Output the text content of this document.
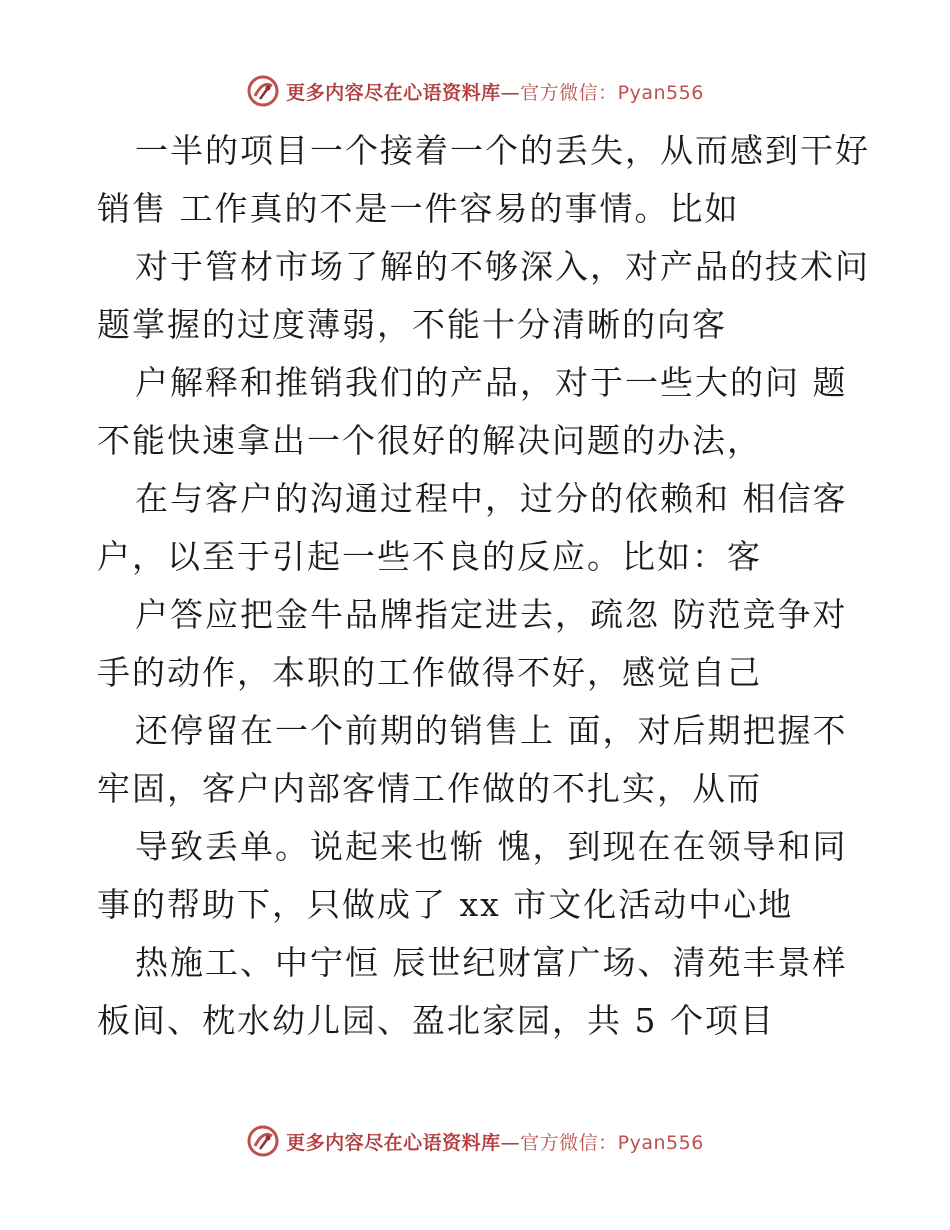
更多内容尽在心语资料库—官方微信：Pyan556

一半的项目一个接着一个的丢失，从而感到干好
销售 工作真的不是一件容易的事情。比如

对于管材市场了解的不够深入，对产品的技术问
题掌握的过度薄弱，不能十分清晰的向客

户解释和推销我们的产品，对于一些大的问 题
不能快速拿出一个很好的解决问题的办法，

在与客户的沟通过程中，过分的依赖和 相信客
户，以至于引起一些不良的反应。比如：客

户答应把金牛品牌指定进去，疏忽 防范竞争对
手的动作，本职的工作做得不好，感觉自己

还停留在一个前期的销售上 面，对后期把握不
牢固，客户内部客情工作做的不扎实，从而

导致丢单。说起来也惭 愧，到现在在领导和同
事的帮助下，只做成了 xx 市文化活动中心地

热施工、中宁恒 辰世纪财富广场、清苑丰景样
板间、枕水幼儿园、盈北家园，共 5 个项目

更多内容尽在心语资料库—官方微信：Pyan556
